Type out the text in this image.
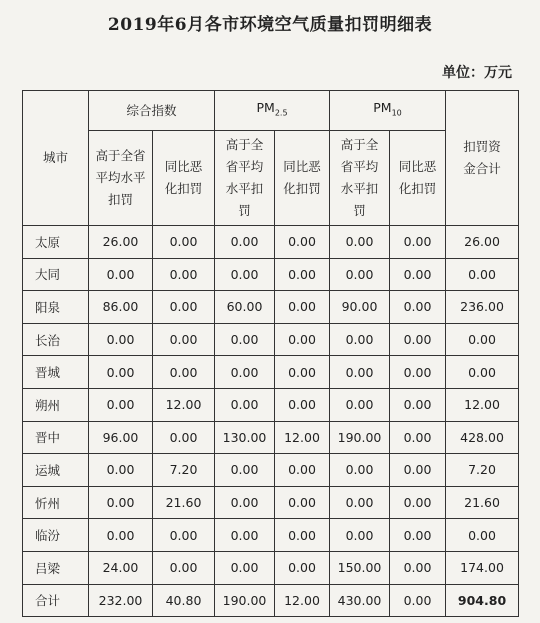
2019年6月各市环境空气质量扣罚明细表
单位：万元
城市	综合指数		$PM_{2.5}$		$PM_{10}$		扣罚资金合计

	高于全省平均水平扣罚	同比恶化扣罚	高于全省平均水平扣罚	同比恶化扣罚	高于全省平均水平扣罚	同比恶化扣罚	

太原	26.00	0.00	0.00	0.00	0.00	0.00	26.00
大同	0.00	0.00	0.00	0.00	0.00	0.00	0.00
阳泉	86.00	0.00	60.00	0.00	90.00	0.00	236.00
长治	0.00	0.00	0.00	0.00	0.00	0.00	0.00
晋城	0.00	0.00	0.00	0.00	0.00	0.00	0.00
朔州	0.00	12.00	0.00	0.00	0.00	0.00	12.00
晋中	96.00	0.00	130.00	12.00	190.00	0.00	428.00
运城	0.00	7.20	0.00	0.00	0.00	0.00	7.20
忻州	0.00	21.60	0.00	0.00	0.00	0.00	21.60
临汾	0.00	0.00	0.00	0.00	0.00	0.00	0.00
吕梁	24.00	0.00	0.00	0.00	150.00	0.00	174.00
合计	232.00	40.80	190.00	12.00	430.00	0.00	904.80
